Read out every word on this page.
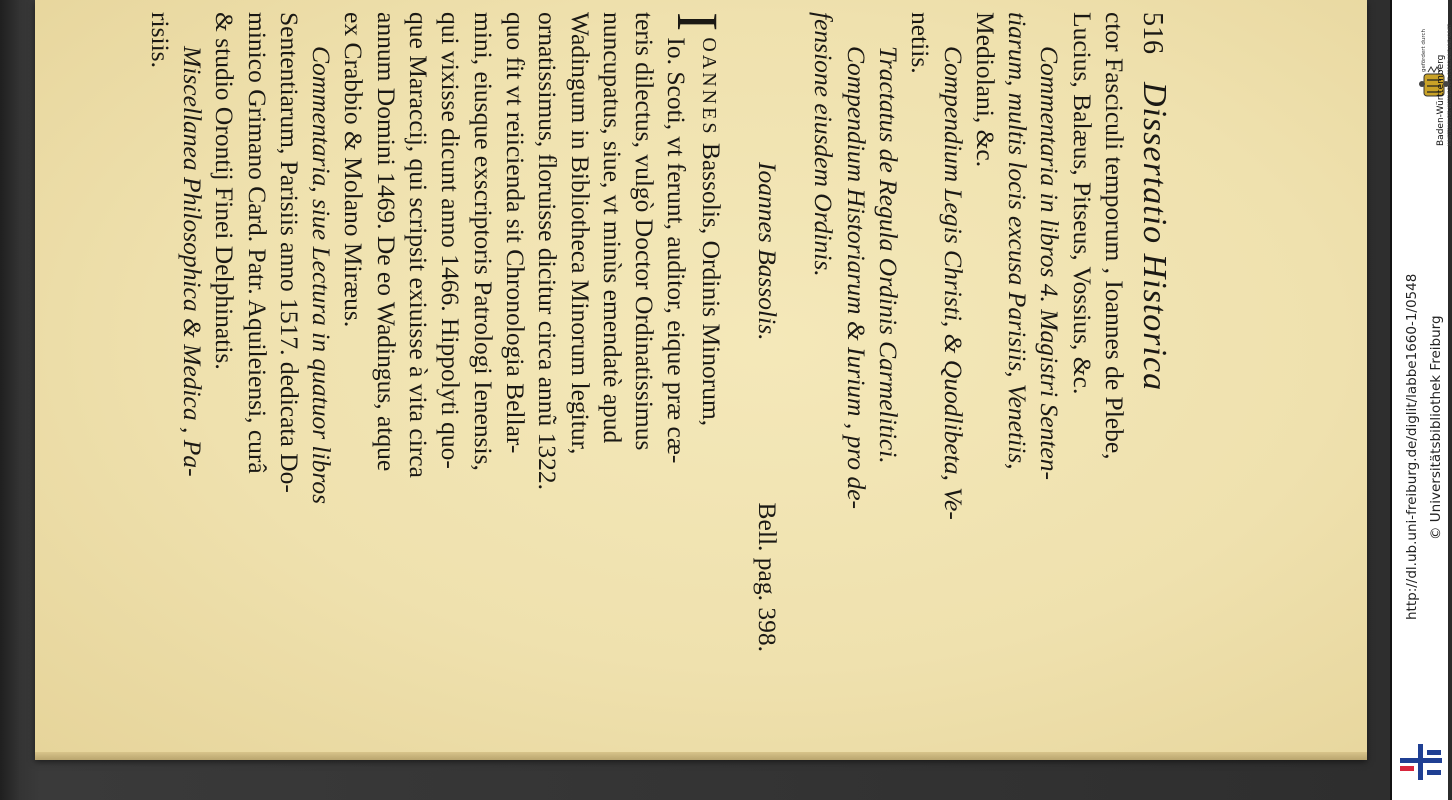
516
Dissertatio Historica
ctor Fasciculi temporum , Ioannes de Plebe,
Lucius, Balæus, Pitseus, Vossius, &c.
Commentaria in libros 4. Magistri Senten-
tiarum, multis locis excusa Parisiis, Venetiis,
Mediolani, &c.
Compendium Legis Christi, & Quodlibeta, Ve-
netiis.
Tractatus de Regula Ordinis Carmelitici.
Compendium Historiarum & Iurium , pro de-
fensione eiusdem Ordinis.
Ioannes Bassolis.
Bell. pag. 398.
I
OANNES Bassolis, Ordinis Minorum,
Io. Scoti, vt ferunt, auditor, eique præ cæ-
teris dilectus, vulgò Doctor Ordinatissimus
nuncupatus, siue, vt minùs emendatè apud
Wadingum in Bibliotheca Minorum legitur,
ornatissimus, floruisse dicitur circa annũ 1322.
quo fit vt reiicienda sit Chronologia Bellar-
mini, eiusque exscriptoris Patrologi Ienensis,
qui vixisse dicunt anno 1466. Hippolyti quo-
que Maraccij, qui scripsit exiuisse à vita circa
annum Domini 1469. De eo Wadingus, atque
ex Crabbio & Molano Miræus.
Commentaria, siue Lectura in quatuor libros
Sententiarum, Parisiis anno 1517. dedicata Do-
minico Grimano Card. Patr. Aquileiensi, curâ
& studio Orontij Finei Delphinatis.
Miscellanea Philosophica & Medica , Pa-
risiis.	gefördert durch
Baden-Württemberg MINISTERIUM FÜR WISSENSCHAFT, FORSCHUNG UND KUNST
http://dl.ub.uni-freiburg.de/diglit/labbe1660-1/0548 © Universitätsbibliothek Freiburg
